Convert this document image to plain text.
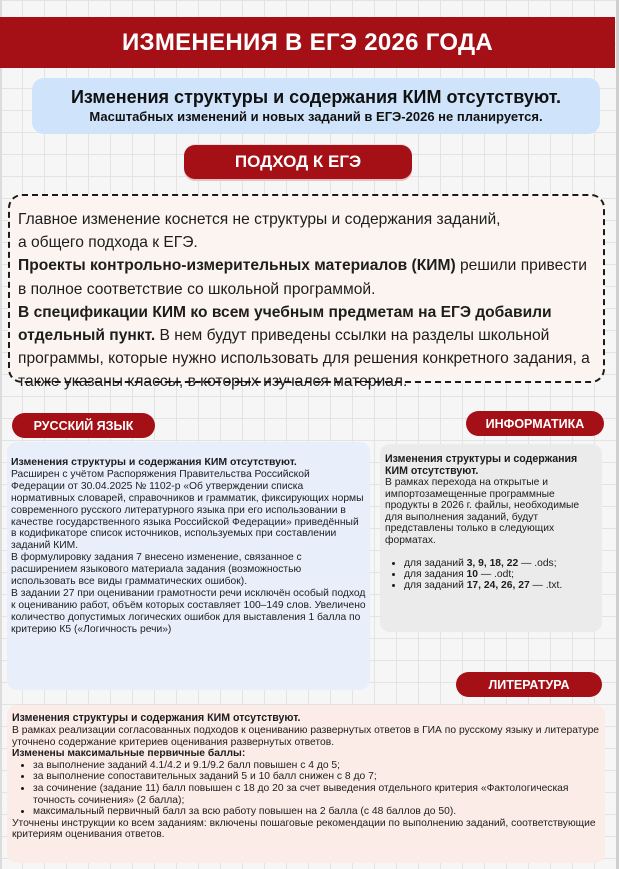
ИЗМЕНЕНИЯ В ЕГЭ 2026 ГОДА
Изменения структуры и содержания КИМ отсутствуют.
Масштабных изменений и новых заданий в ЕГЭ-2026 не планируется.
ПОДХОД К ЕГЭ

Главное изменение коснется не структуры и содержания заданий,
а общего подхода к ЕГЭ.

Проекты контрольно-измерительных материалов (КИМ) решили привести в полное соответствие со школьной программой.

В спецификации КИМ ко всем учебным предметам на ЕГЭ добавили отдельный пункт. В нем будут приведены ссылки на разделы школьной программы, которые нужно использовать для решения конкретного задания, а также указаны классы, в которых изучался материал.

РУССКИЙ ЯЗЫК	ИНФОРМАТИКА
Изменения структуры и содержания КИМ отсутствуют.
Расширен с учётом Распоряжения Правительства Российской Федерации от 30.04.2025 № 1102-р «Об утверждении списка нормативных словарей, справочников и грамматик, фиксирующих нормы современного русского литературного языка при его использовании в качестве государственного языка Российской Федерации» приведённый в кодификаторе список источников, используемых при составлении заданий КИМ.
В формулировку задания 7 внесено изменение, связанное с расширением языкового материала задания (возможностью использовать все виды грамматических ошибок).
В задании 27 при оценивании грамотности речи исключён особый подход к оцениванию работ, объём которых составляет 100–149 слов. Увеличено количество допустимых логических ошибок для выставления 1 балла по критерию К5 («Логичность речи»)
Изменения структуры и содержания КИМ отсутствуют.
В рамках перехода на открытые и импортозамещенные программные продукты в 2026 г. файлы, необходимые для выполнения заданий, будут представлены только в следующих форматах.
• для заданий 3, 9, 18, 22 — .ods;
• для задания 10 — .odt;
• для заданий 17, 24, 26, 27 — .txt.
ЛИТЕРАТУРА
Изменения структуры и содержания КИМ отсутствуют.
В рамках реализации согласованных подходов к оцениванию развернутых ответов в ГИА по русскому языку и литературе уточнено содержание критериев оценивания развернутых ответов.
Изменены максимальные первичные баллы:
• за выполнение заданий 4.1/4.2 и 9.1/9.2 балл повышен с 4 до 5;
• за выполнение сопоставительных заданий 5 и 10 балл снижен с 8 до 7;
• за сочинение (задание 11) балл повышен с 18 до 20 за счет выведения отдельного критерия «Фактологическая точность сочинения» (2 балла);
• максимальный первичный балл за всю работу повышен на 2 балла (с 48 баллов до 50).
Уточнены инструкции ко всем заданиям: включены пошаговые рекомендации по выполнению заданий, соответствующие критериям оценивания ответов.
